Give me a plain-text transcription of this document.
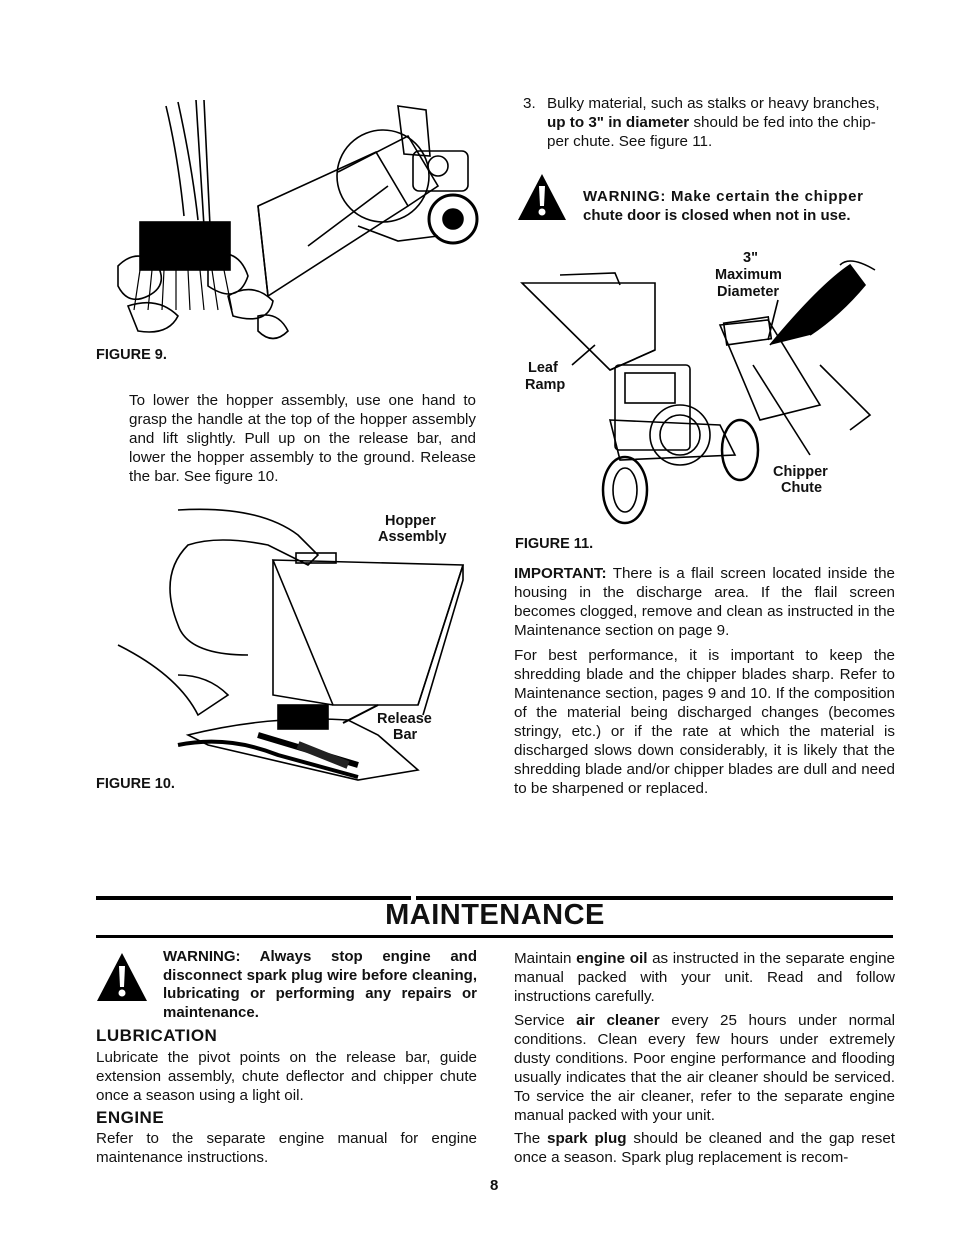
FIGURE 9.

To lower the hopper assembly, use one hand to grasp the handle at the top of the hopper assembly and lift slightly. Pull up on the release bar, and lower the hopper assembly to the ground. Release the bar. See figure 10.

Hopper
Assembly
Release
Bar
FIGURE 10.
3. Bulky material, such as stalks or heavy branches,
up to 3" in diameter should be fed into the chip-
per chute. See figure 11.
WARNING: Make certain the chipper
chute door is closed when not in use.
3"
Maximum
Diameter
Leaf
Ramp
Chipper
Chute
FIGURE 11.

IMPORTANT: There is a flail screen located inside the housing in the discharge area. If the flail screen becomes clogged, remove and clean as instructed in the Maintenance section on page 9.

For best performance, it is important to keep the shredding blade and the chipper blades sharp. Refer to Maintenance section, pages 9 and 10. If the composition of the material being discharged changes (becomes stringy, etc.) or if the rate at which the material is discharged slows down considerably, it is likely that the shredding blade and/or chipper blades are dull and need to be sharpened or replaced.

MAINTENANCE
WARNING: Always stop engine and disconnect spark plug wire before cleaning, lubricating or performing any repairs or maintenance.
LUBRICATION

Lubricate the pivot points on the release bar, guide extension assembly, chute deflector and chipper chute once a season using a light oil.

ENGINE

Refer to the separate engine manual for engine maintenance instructions.

Maintain engine oil as instructed in the separate engine manual packed with your unit. Read and follow instructions carefully.

Service air cleaner every 25 hours under normal conditions. Clean every few hours under extremely dusty conditions. Poor engine performance and flooding usually indicates that the air cleaner should be serviced. To service the air cleaner, refer to the separate engine manual packed with your unit.

The spark plug should be cleaned and the gap reset once a season. Spark plug replacement is recom-

8
